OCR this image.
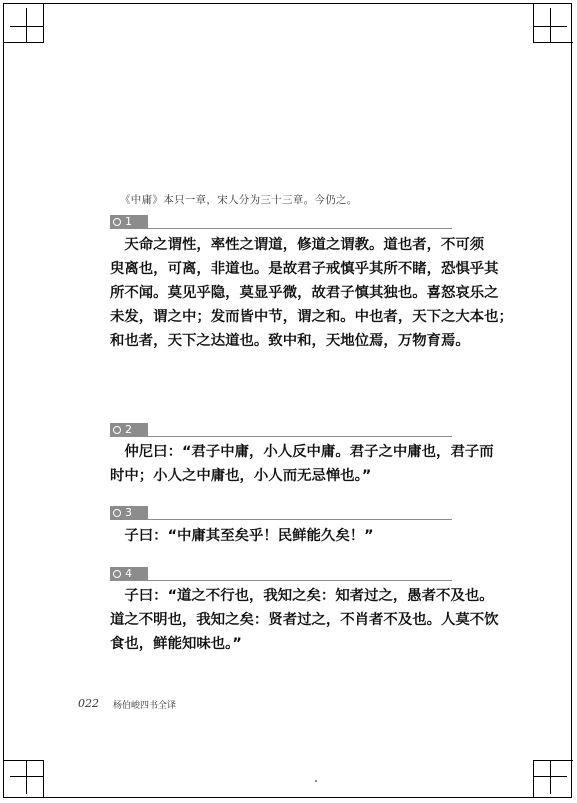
《中庸》本只一章，宋人分为三十三章。今仍之。
1
　天命之谓性，率性之谓道，修道之谓教。道也者，不可须
臾离也，可离，非道也。是故君子戒慎乎其所不睹，恐惧乎其
所不闻。莫见乎隐，莫显乎微，故君子慎其独也。喜怒哀乐之
未发，谓之中；发而皆中节，谓之和。中也者，天下之大本也；
和也者，天下之达道也。致中和，天地位焉，万物育焉。
2
　仲尼曰：“君子中庸，小人反中庸。君子之中庸也，君子而
时中；小人之中庸也，小人而无忌惮也。”
3
　子曰：“中庸其至矣乎！民鲜能久矣！”
4
　子曰：“道之不行也，我知之矣：知者过之，愚者不及也。
道之不明也，我知之矣：贤者过之，不肖者不及也。人莫不饮
食也，鲜能知味也。”
022 杨伯峻四书全译
